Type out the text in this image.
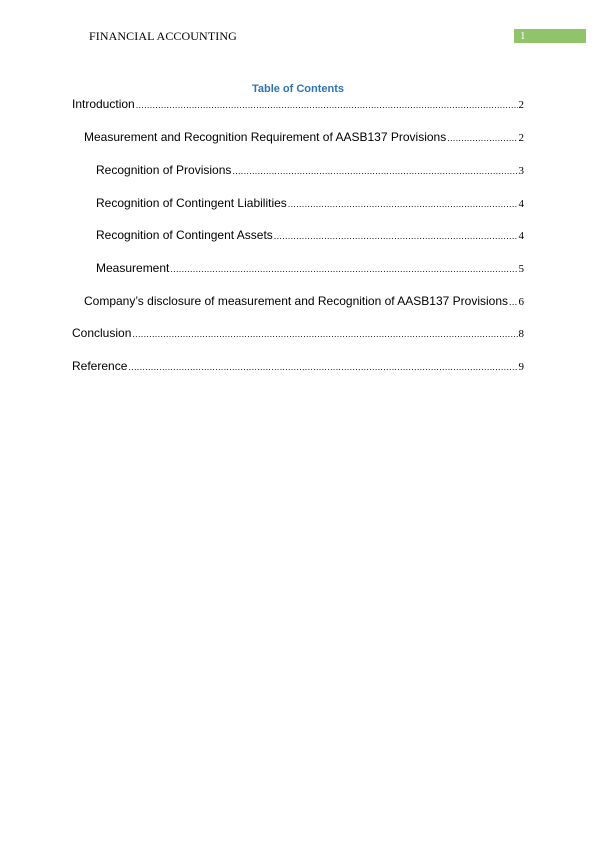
FINANCIAL ACCOUNTING	1
Table of Contents
Introduction .....	2
Measurement and Recognition Requirement of AASB137 Provisions .....	2
Recognition of Provisions .....	3
Recognition of Contingent Liabilities .....	4
Recognition of Contingent Assets .....	4
Measurement .....	5
Company’s disclosure of measurement and Recognition of AASB137 Provisions ..... 6
Conclusion .....	8
Reference .....	9
